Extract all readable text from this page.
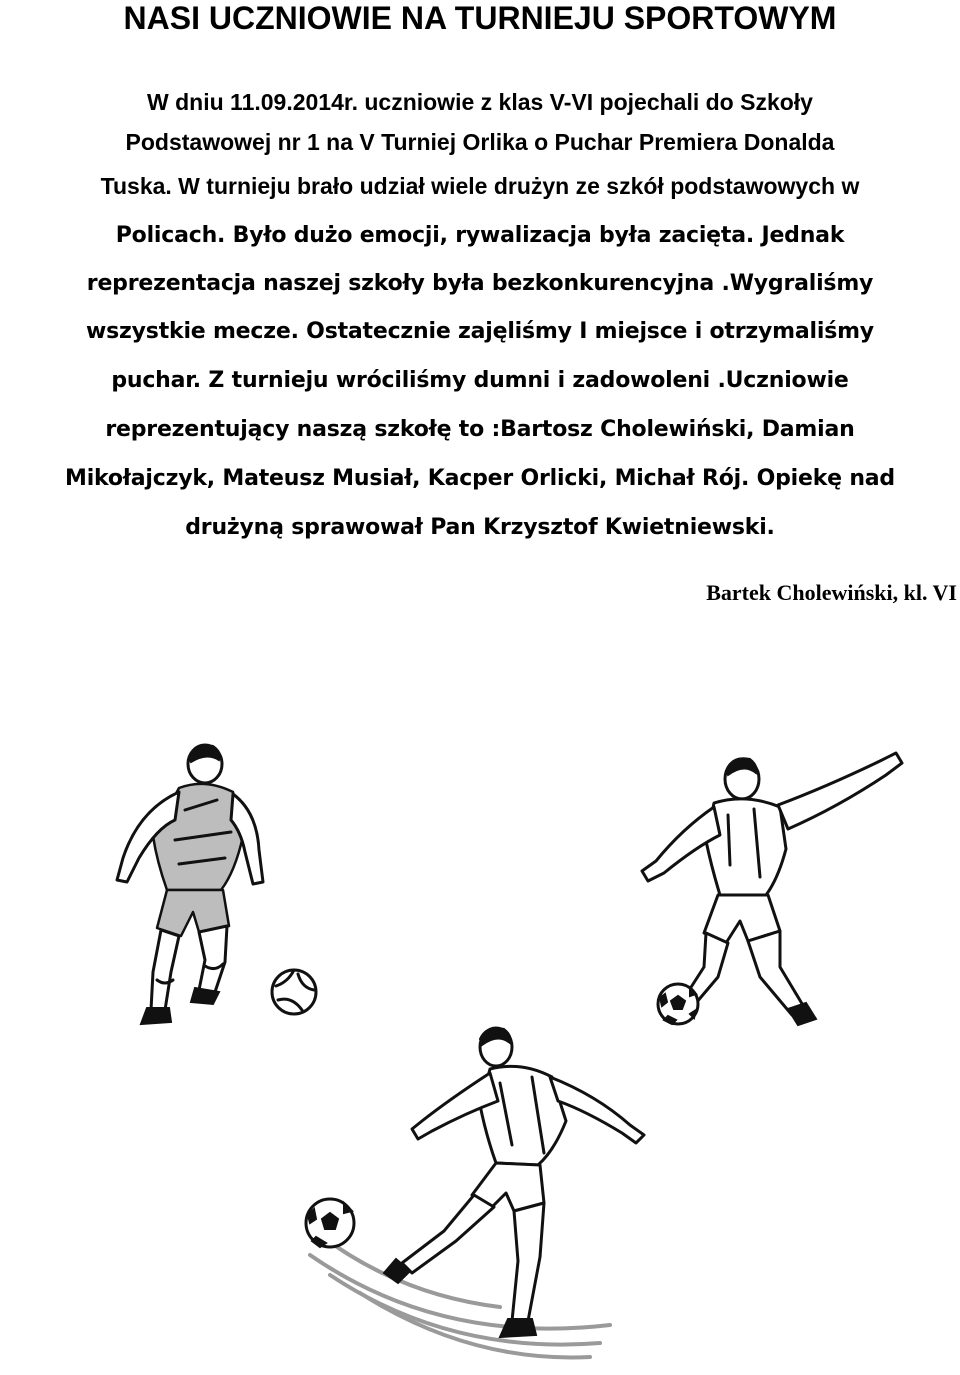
NASI UCZNIOWIE NA TURNIEJU SPORTOWYM
W dniu 11.09.2014r. uczniowie z klas V-VI pojechali do Szkoły
Podstawowej nr 1 na V Turniej Orlika o Puchar Premiera Donalda
Tuska. W turnieju brało udział wiele drużyn ze szkół podstawowych w
Policach. Było dużo emocji, rywalizacja była zacięta. Jednak
reprezentacja naszej szkoły była bezkonkurencyjna .Wygraliśmy
wszystkie mecze. Ostatecznie zajęliśmy I miejsce i otrzymaliśmy
puchar. Z turnieju wróciliśmy dumni i zadowoleni .Uczniowie
reprezentujący naszą szkołę to :Bartosz Cholewiński, Damian
Mikołajczyk, Mateusz Musiał, Kacper Orlicki, Michał Rój. Opiekę nad
drużyną sprawował Pan Krzysztof Kwietniewski.
Bartek Cholewiński, kl. VI
